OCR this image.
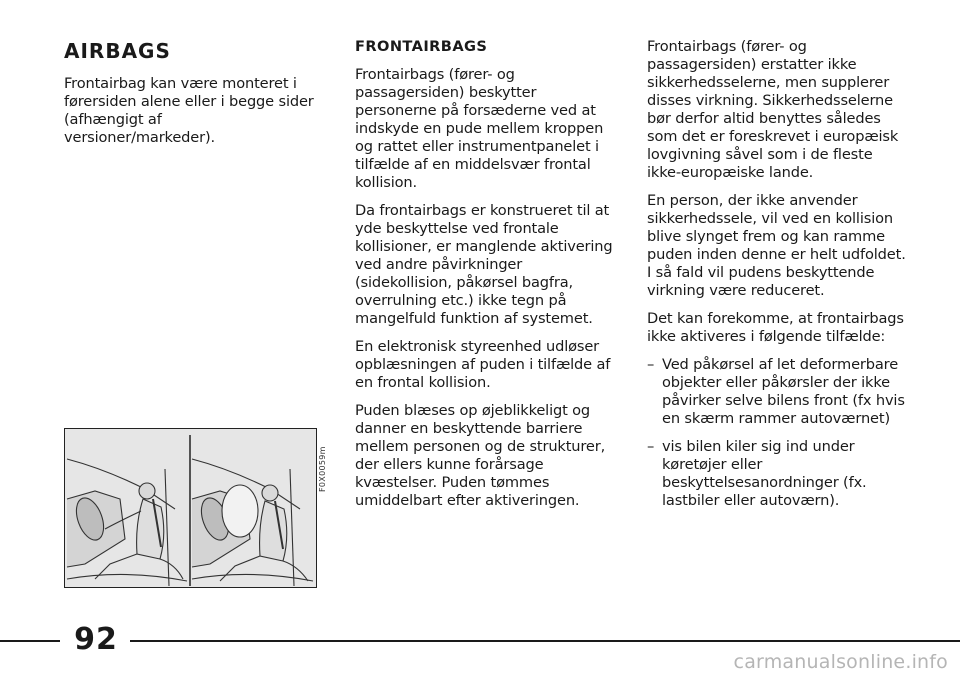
AIRBAGS

Frontairbag kan være monteret i førersiden alene eller i begge sider (afhængigt af versioner/markeder).

F0X0059m

FRONTAIRBAGS

Frontairbags (fører- og passagersiden) beskytter personerne på forsæderne ved at indskyde en pude mellem kroppen og rattet eller instrumentpanelet i tilfælde af en middelsvær frontal kollision.

Da frontairbags er konstrueret til at yde beskyttelse ved frontale kollisioner, er manglende aktivering ved andre påvirkninger (sidekollision, påkørsel bagfra, overrulning etc.) ikke tegn på mangelfuld funktion af systemet.

En elektronisk styreenhed udløser opblæsningen af puden i tilfælde af en frontal kollision.

Puden blæses op øjeblikkeligt og danner en beskyttende barriere mellem personen og de strukturer, der ellers kunne forårsage kvæstelser. Puden tømmes umiddelbart efter aktiveringen.

Frontairbags (fører- og passagersiden) erstatter ikke sikkerhedsselerne, men supplerer disses virkning. Sikkerhedsselerne bør derfor altid benyttes således som det er foreskrevet i europæisk lovgivning såvel som i de fleste ikke-europæiske lande.

En person, der ikke anvender sikkerhedssele, vil ved en kollision blive slynget frem og kan ramme puden inden denne er helt udfoldet. I så fald vil pudens beskyttende virkning være reduceret.

Det kan forekomme, at frontairbags ikke aktiveres i følgende tilfælde:

– Ved påkørsel af let deformerbare objekter eller påkørsler der ikke påvirker selve bilens front (fx hvis en skærm rammer autoværnet)
– vis bilen kiler sig ind under køretøjer eller beskyttelsesanordninger (fx. lastbiler eller autoværn).
92
carmanualsonline.info
